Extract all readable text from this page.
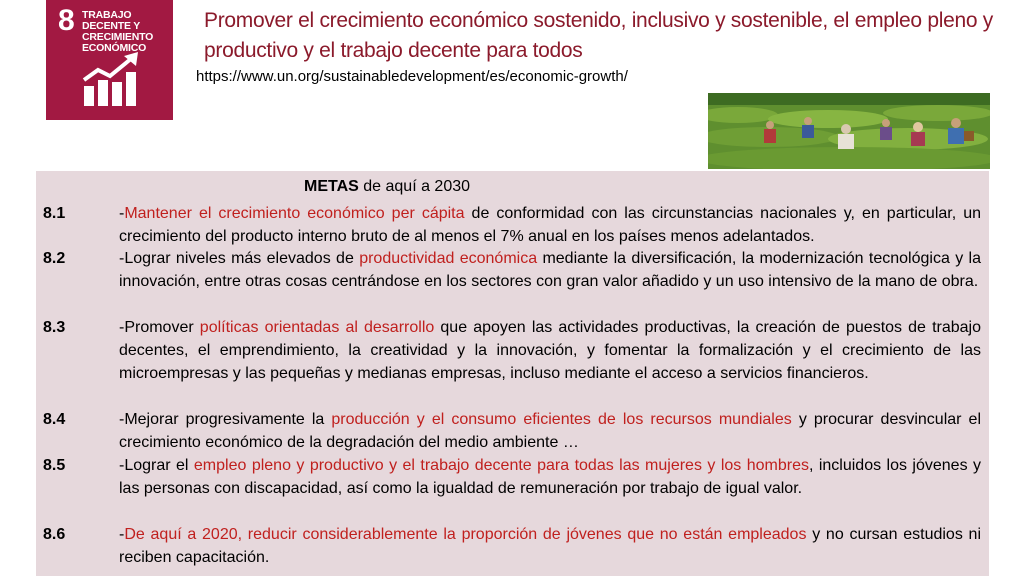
8 TRABAJO DECENTE Y CRECIMIENTO ECONÓMICO
Promover el crecimiento económico sostenido, inclusivo y sostenible, el empleo pleno y productivo y el trabajo decente para todos
https://www.un.org/sustainabledevelopment/es/economic-growth/
METAS de aquí a 2030
8.1	-Mantener el crecimiento económico per cápita de conformidad con las circunstancias nacionales y, en particular, un crecimiento del producto interno bruto de al menos el 7% anual en los países menos adelantados.
8.2	-Lograr niveles más elevados de productividad económica mediante la diversificación, la modernización tecnológica y la innovación, entre otras cosas centrándose en los sectores con gran valor añadido y un uso intensivo de la mano de obra.
8.3	-Promover políticas orientadas al desarrollo que apoyen las actividades productivas, la creación de puestos de trabajo decentes, el emprendimiento, la creatividad y la innovación, y fomentar la formalización y el crecimiento de las microempresas y las pequeñas y medianas empresas, incluso mediante el acceso a servicios financieros.
8.4	-Mejorar progresivamente la producción y el consumo eficientes de los recursos mundiales y procurar desvincular el crecimiento económico de la degradación del medio ambiente …
8.5	-Lograr el empleo pleno y productivo y el trabajo decente para todas las mujeres y los hombres, incluidos los jóvenes y las personas con discapacidad, así como la igualdad de remuneración por trabajo de igual valor.
8.6	-De aquí a 2020, reducir considerablemente la proporción de jóvenes que no están empleados y no cursan estudios ni reciben capacitación.
